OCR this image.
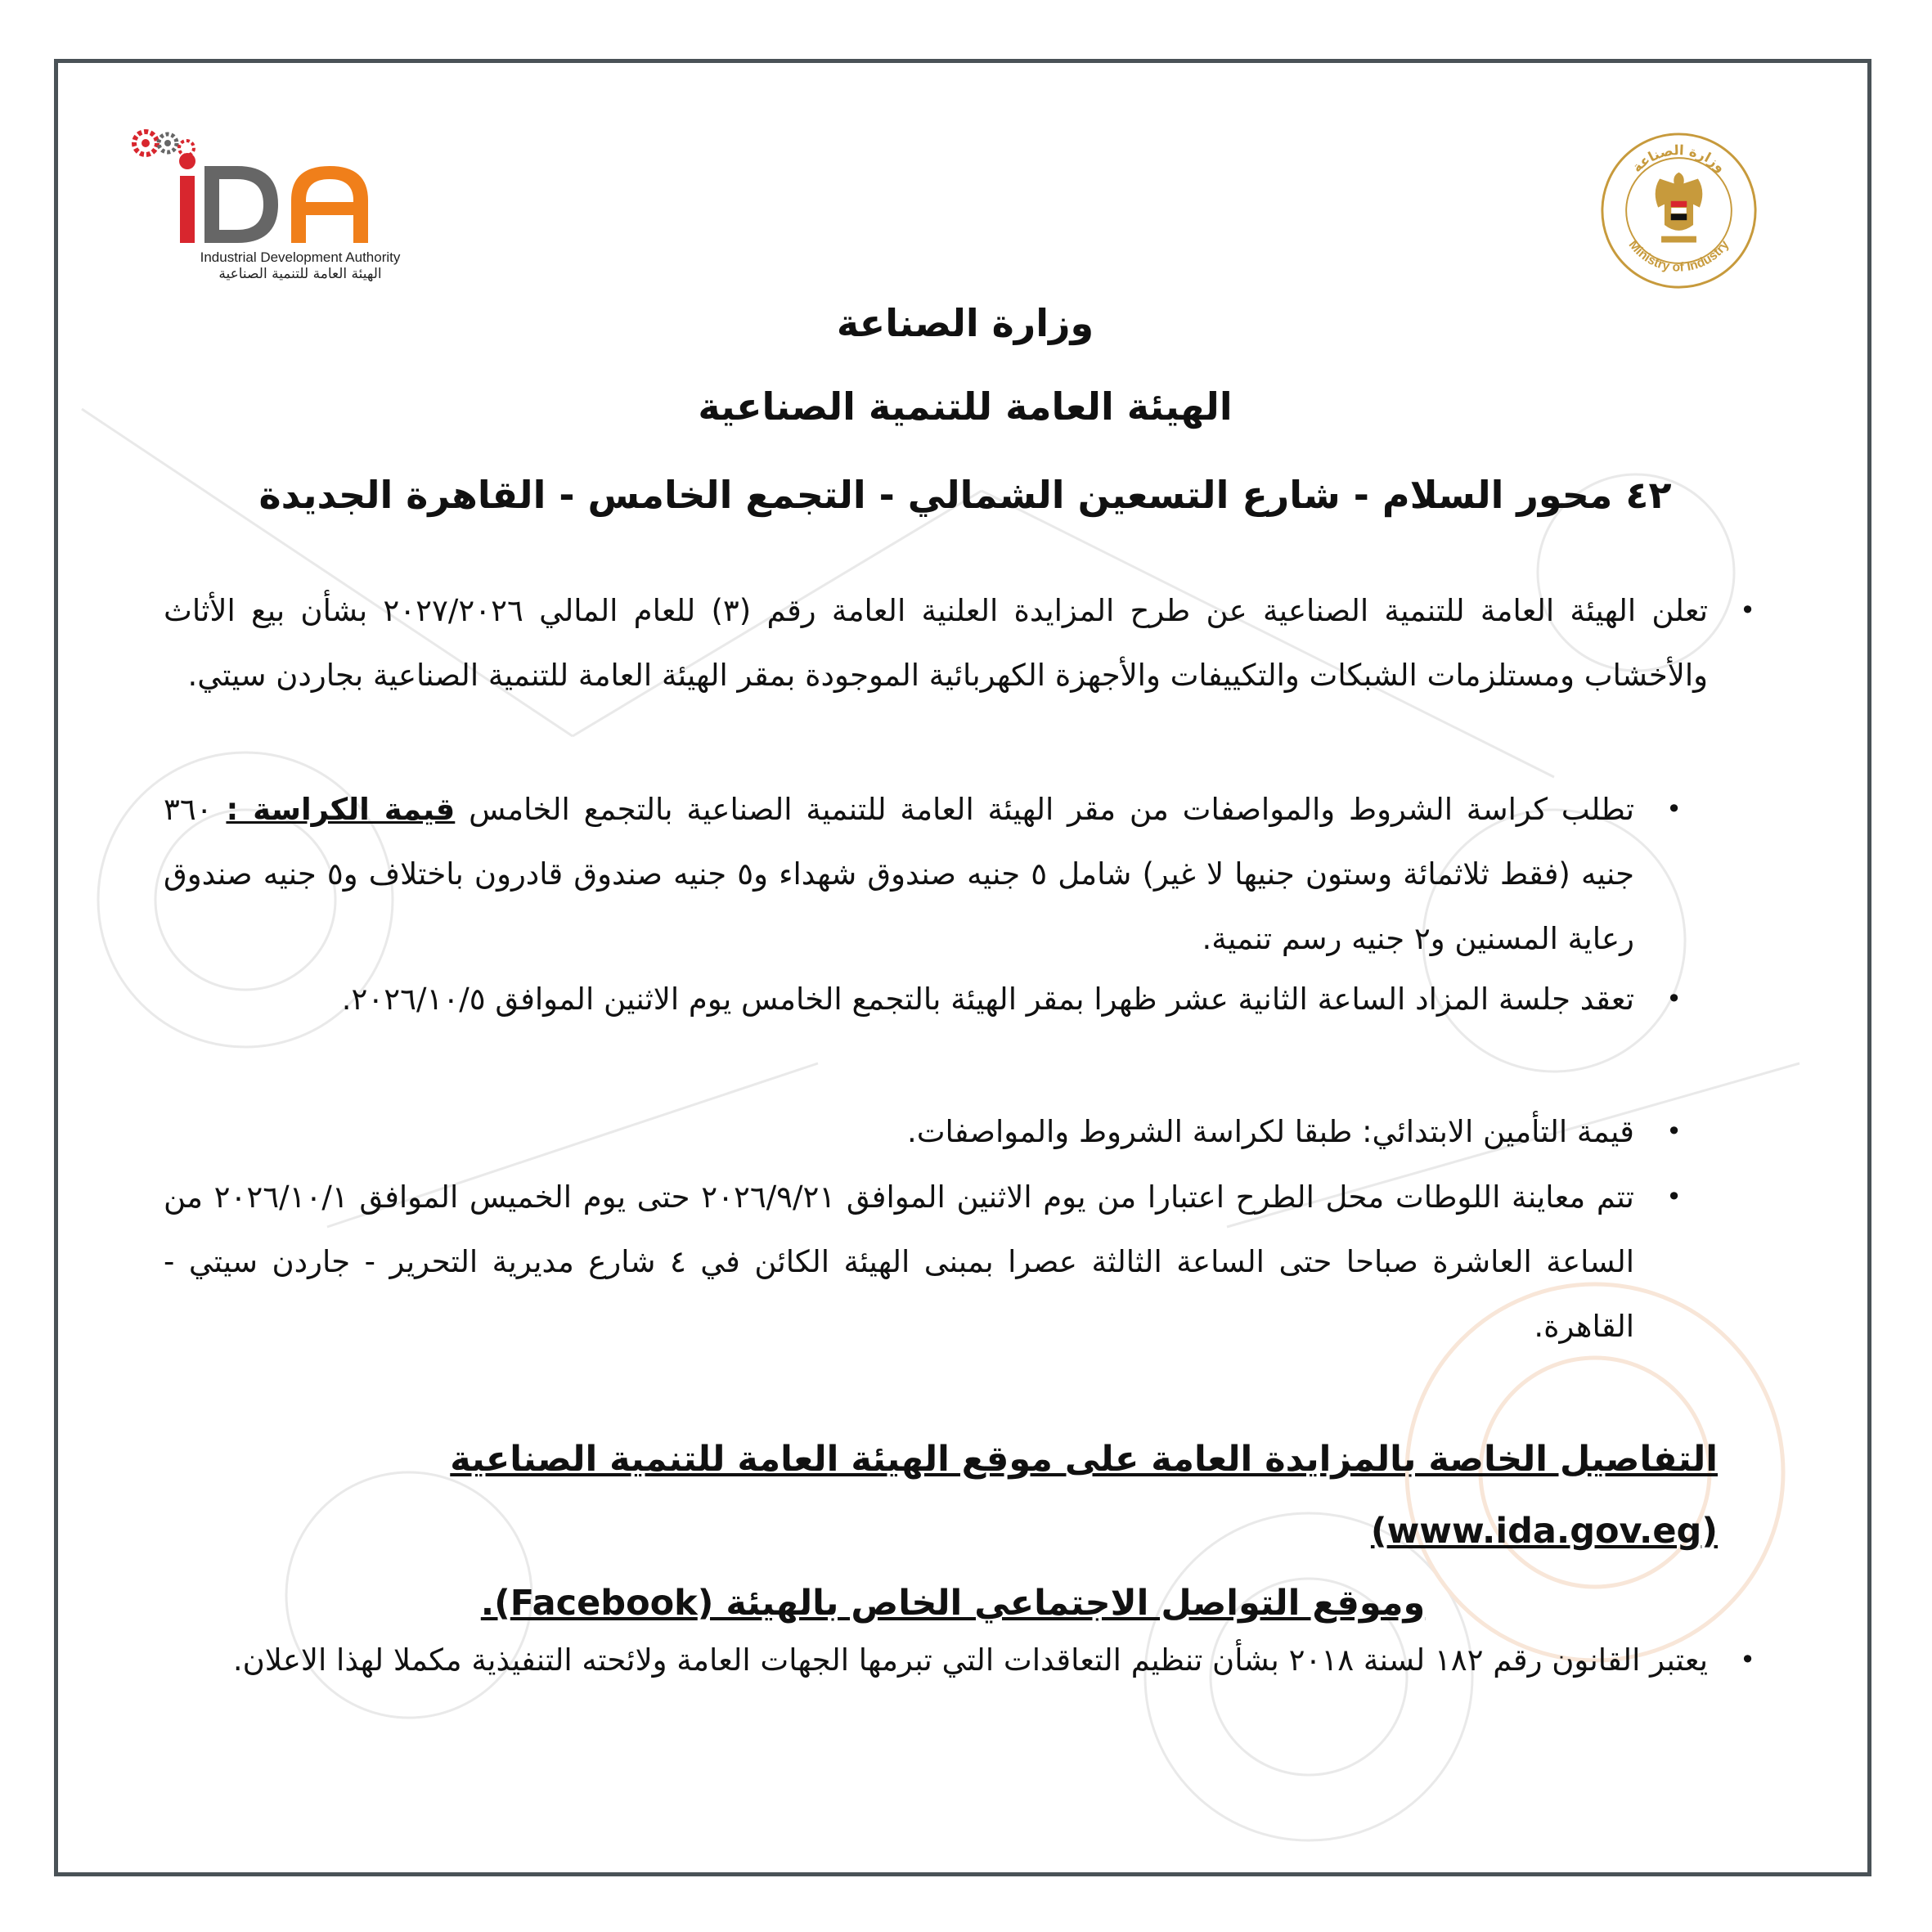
Industrial Development Authority
الهيئة العامة للتنمية الصناعية
وزارة الصناعة
Ministry of Industry
وزارة الصناعة
الهيئة العامة للتنمية الصناعية
٤٢ محور السلام - شارع التسعين الشمالي - التجمع الخامس - القاهرة الجديدة
•
تعلن الهيئة العامة للتنمية الصناعية عن طرح المزايدة العلنية العامة رقم (٣) للعام المالي ٢٠٢٧/٢٠٢٦ بشأن بيع الأثاث والأخشاب ومستلزمات الشبكات والتكييفات والأجهزة الكهربائية الموجودة بمقر الهيئة العامة للتنمية الصناعية بجاردن سيتي.
•
تطلب كراسة الشروط والمواصفات من مقر الهيئة العامة للتنمية الصناعية بالتجمع الخامس قيمة الكراسة : ٣٦٠ جنيه (فقط ثلاثمائة وستون جنيها لا غير) شامل ٥ جنيه صندوق شهداء و٥ جنيه صندوق قادرون باختلاف و٥ جنيه صندوق رعاية المسنين و٢ جنيه رسم تنمية.
•
تعقد جلسة المزاد الساعة الثانية عشر ظهرا بمقر الهيئة بالتجمع الخامس يوم الاثنين الموافق ٢٠٢٦/١٠/٥.
•
قيمة التأمين الابتدائي: طبقا لكراسة الشروط والمواصفات.
•
تتم معاينة اللوطات محل الطرح اعتبارا من يوم الاثنين الموافق ٢٠٢٦/٩/٢١ حتى يوم الخميس الموافق ٢٠٢٦/١٠/١ من الساعة العاشرة صباحا حتى الساعة الثالثة عصرا بمبنى الهيئة الكائن في ٤ شارع مديرية التحرير - جاردن سيتي - القاهرة.
التفاصيل الخاصة بالمزايدة العامة على موقع الهيئة العامة للتنمية الصناعية (www.ida.gov.eg)
وموقع التواصل الاجتماعي الخاص بالهيئة (Facebook).
•
يعتبر القانون رقم ١٨٢ لسنة ٢٠١٨ بشأن تنظيم التعاقدات التي تبرمها الجهات العامة ولائحته التنفيذية مكملا لهذا الاعلان.
